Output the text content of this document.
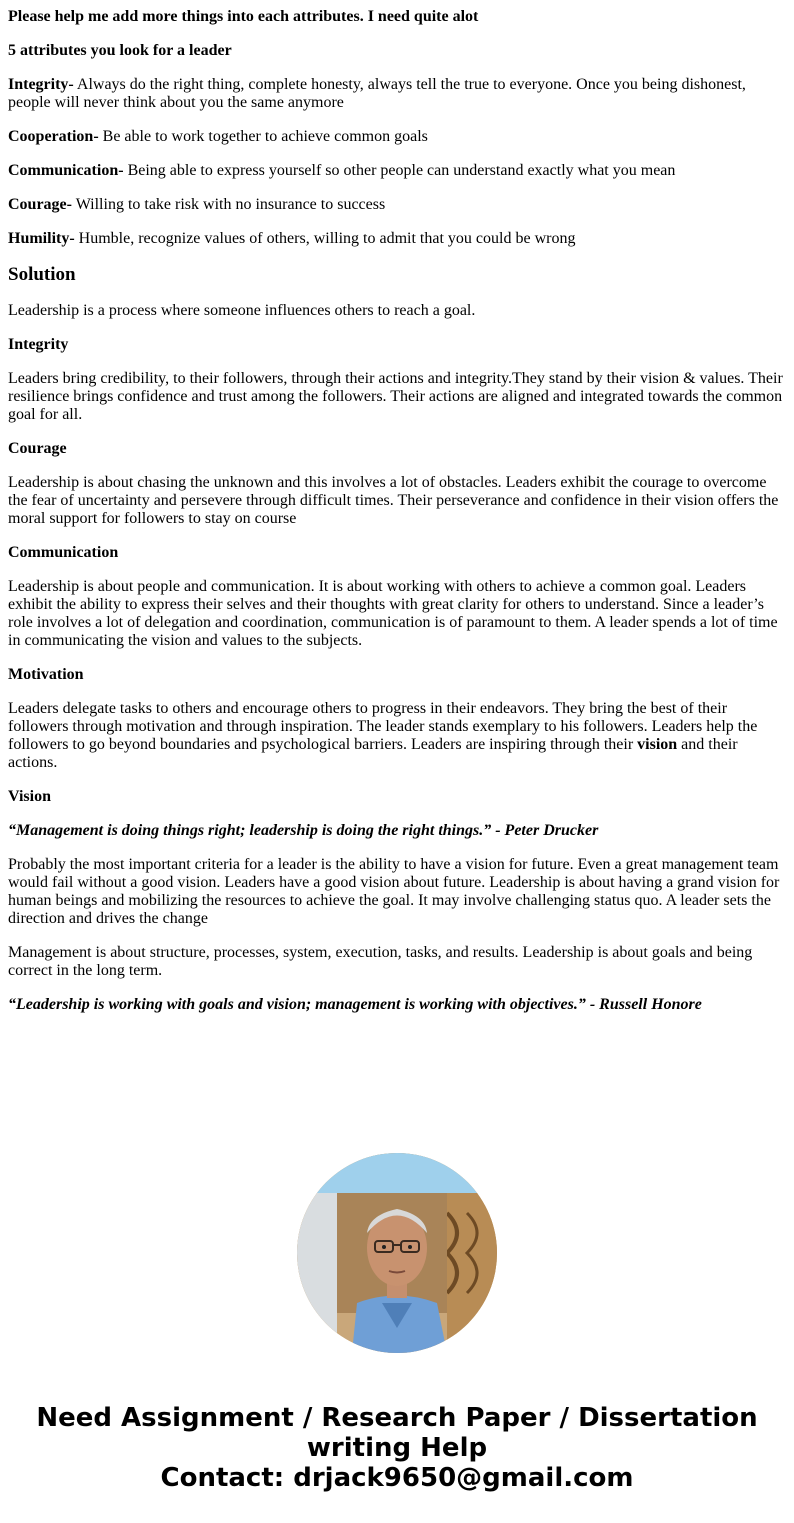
Please help me add more things into each attributes. I need quite alot

5 attributes you look for a leader

Integrity- Always do the right thing, complete honesty, always tell the true to everyone. Once you being dishonest, people will never think about you the same anymore

Cooperation- Be able to work together to achieve common goals

Communication- Being able to express yourself so other people can understand exactly what you mean

Courage- Willing to take risk with no insurance to success

Humility- Humble, recognize values of others, willing to admit that you could be wrong

Solution

Leadership is a process where someone influences others to reach a goal.

Integrity

Leaders bring credibility, to their followers, through their actions and integrity.They stand by their vision & values. Their resilience brings confidence and trust among the followers. Their actions are aligned and integrated towards the common goal for all.

Courage

Leadership is about chasing the unknown and this involves a lot of obstacles. Leaders exhibit the courage to overcome the fear of uncertainty and persevere through difficult times. Their perseverance and confidence in their vision offers the moral support for followers to stay on course

Communication

Leadership is about people and communication. It is about working with others to achieve a common goal. Leaders exhibit the ability to express their selves and their thoughts with great clarity for others to understand. Since a leader’s role involves a lot of delegation and coordination, communication is of paramount to them. A leader spends a lot of time in communicating the vision and values to the subjects.

Motivation

Leaders delegate tasks to others and encourage others to progress in their endeavors. They bring the best of their followers through motivation and through inspiration. The leader stands exemplary to his followers. Leaders help the followers to go beyond boundaries and psychological barriers. Leaders are inspiring through their vision and their actions.

Vision

“Management is doing things right; leadership is doing the right things.” - Peter Drucker

Probably the most important criteria for a leader is the ability to have a vision for future. Even a great management team would fail without a good vision. Leaders have a good vision about future. Leadership is about having a grand vision for human beings and mobilizing the resources to achieve the goal. It may involve challenging status quo. A leader sets the direction and drives the change

Management is about structure, processes, system, execution, tasks, and results. Leadership is about goals and being correct in the long term.

“Leadership is working with goals and vision; management is working with objectives.” - Russell Honore

Need Assignment / Research Paper / Dissertation
writing Help
Contact: drjack9650@gmail.com
